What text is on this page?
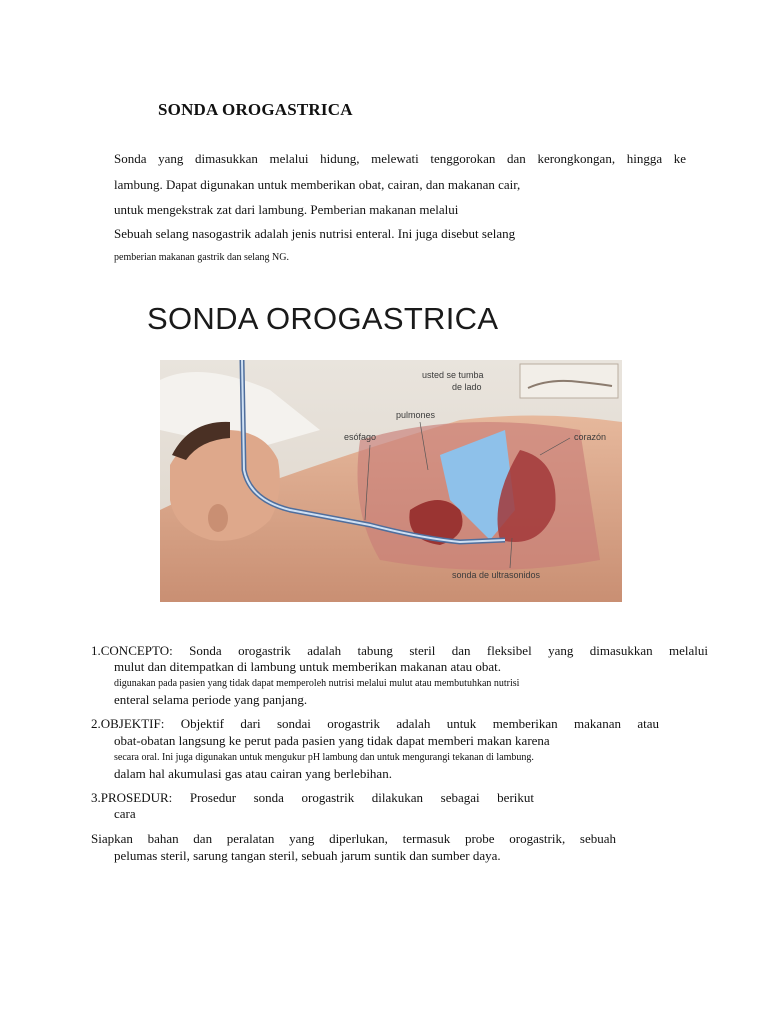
SONDA OROGASTRICA
Sonda yang dimasukkan melalui hidung, melewati tenggorokan dan kerongkongan, hingga ke
lambung. Dapat digunakan untuk memberikan obat, cairan, dan makanan cair,
untuk mengekstrak zat dari lambung. Pemberian makanan melalui
Sebuah selang nasogastrik adalah jenis nutrisi enteral. Ini juga disebut selang
pemberian makanan gastrik dan selang NG.
SONDA OROGASTRICA
usted se tumba
de lado
pulmones
esófago	corazón
sonda de ultrasonidos
1.CONCEPTO: Sonda orogastrik adalah tabung steril dan fleksibel yang dimasukkan melalui
mulut dan ditempatkan di lambung untuk memberikan makanan atau obat.
digunakan pada pasien yang tidak dapat memperoleh nutrisi melalui mulut atau membutuhkan nutrisi
enteral selama periode yang panjang.
2.OBJEKTIF: Objektif dari sondai orogastrik adalah untuk memberikan makanan atau
obat-obatan langsung ke perut pada pasien yang tidak dapat memberi makan karena
secara oral. Ini juga digunakan untuk mengukur pH lambung dan untuk mengurangi tekanan di lambung.
dalam hal akumulasi gas atau cairan yang berlebihan.
3.PROSEDUR: Prosedur sonda orogastrik dilakukan sebagai berikut
cara
Siapkan bahan dan peralatan yang diperlukan, termasuk probe orogastrik, sebuah
pelumas steril, sarung tangan steril, sebuah jarum suntik dan sumber daya.
